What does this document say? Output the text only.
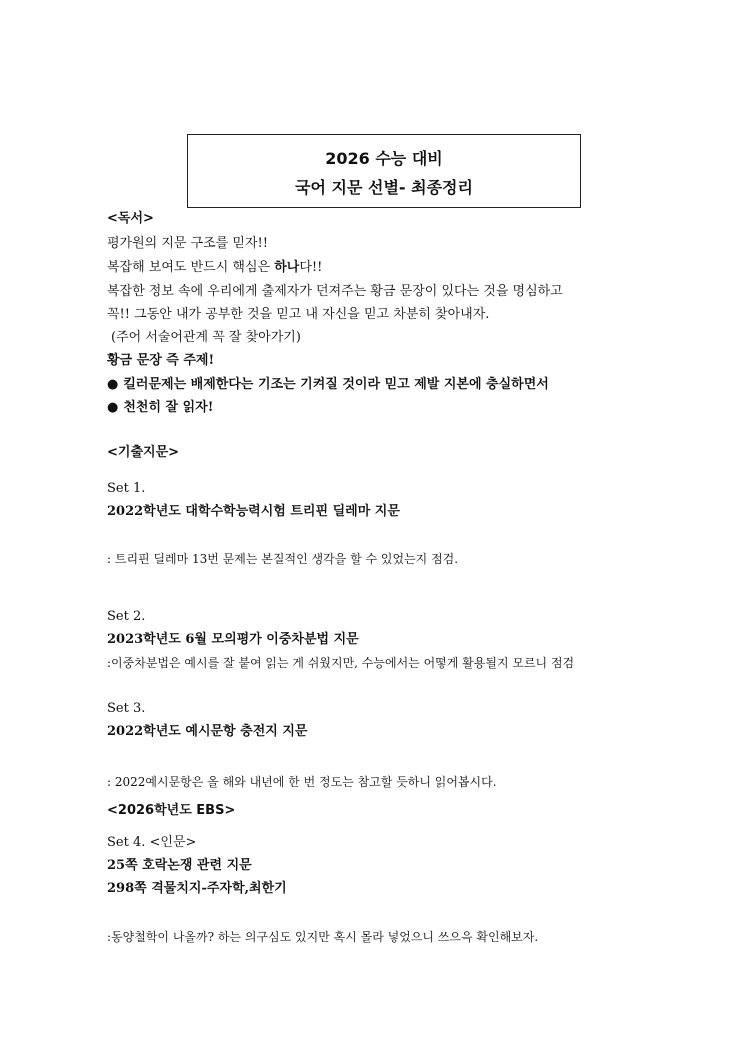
2026 수능 대비
국어 지문 선별- 최종정리
<독서>
평가원의 지문 구조를 믿자!!
복잡해 보여도 반드시 핵심은 하나다!!
복잡한 정보 속에 우리에게 출제자가 던져주는 황금 문장이 있다는 것을 명심하고
꼭!! 그동안 내가 공부한 것을 믿고 내 자신을 믿고 차분히 찾아내자.
(주어 서술어관계 꼭 잘 찾아가기)
황금 문장 즉 주제!
● 킬러문제는 배제한다는 기조는 기켜질 것이라 믿고 제발 지본에 충실하면서
● 천천히 잘 읽자!
<기출지문>
Set 1.
2022학년도 대학수학능력시험 트리핀 딜레마 지문
: 트리핀 딜레마 13번 문제는 본질적인 생각을 할 수 있었는지 점검.
Set 2.
2023학년도 6월 모의평가 이중차분법 지문
:이중차분법은 예시를 잘 붙여 읽는 게 쉬웠지만, 수능에서는 어떻게 활용될지 모르니 점검
Set 3.
2022학년도 예시문항 충전지 지문
: 2022예시문항은 올 해와 내년에 한 번 정도는 참고할 듯하니 읽어봅시다.
<2026학년도 EBS>
Set 4. <인문>
25쪽 호락논쟁 관련 지문
298쪽 격물치지-주자학,최한기
:동양철학이 나올까? 하는 의구심도 있지만 혹시 몰라 넣었으니 쓰으윽 확인해보자.
